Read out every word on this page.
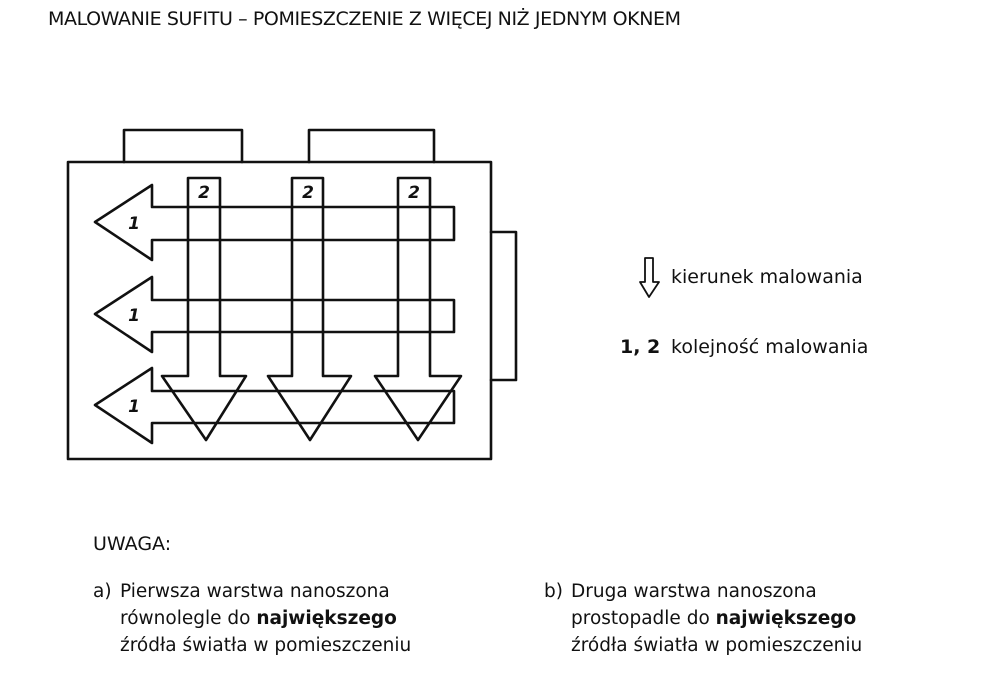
MALOWANIE SUFITU – POMIESZCZENIE Z WIĘCEJ NIŻ JEDNYM OKNEM
1
1
1
2	2	2
kierunek malowania
1, 2 kolejność malowania
UWAGA:
a) Pierwsza warstwa nanoszona
równolegle do największego
źródła światła w pomieszczeniu
b) Druga warstwa nanoszona
prostopadle do największego
źródła światła w pomieszczeniu
